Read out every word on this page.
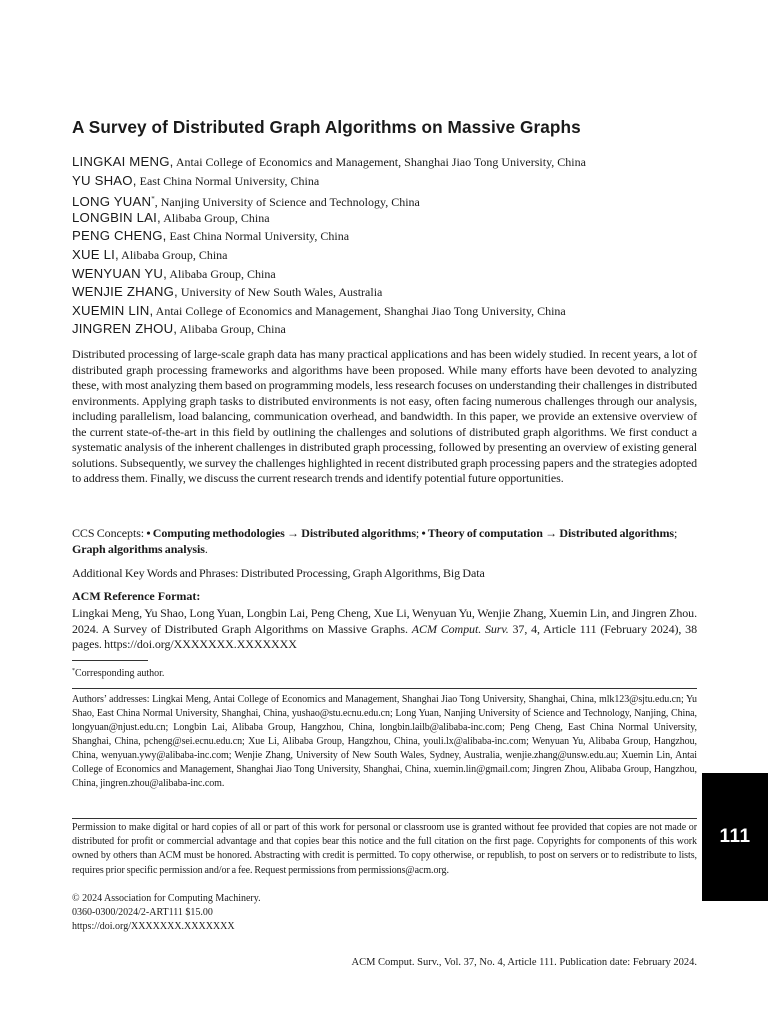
A Survey of Distributed Graph Algorithms on Massive Graphs
LINGKAI MENG, Antai College of Economics and Management, Shanghai Jiao Tong University, China
YU SHAO, East China Normal University, China
LONG YUAN*, Nanjing University of Science and Technology, China
LONGBIN LAI, Alibaba Group, China
PENG CHENG, East China Normal University, China
XUE LI, Alibaba Group, China
WENYUAN YU, Alibaba Group, China
WENJIE ZHANG, University of New South Wales, Australia
XUEMIN LIN, Antai College of Economics and Management, Shanghai Jiao Tong University, China
JINGREN ZHOU, Alibaba Group, China
Distributed processing of large-scale graph data has many practical applications and has been widely studied. In recent years, a lot of distributed graph processing frameworks and algorithms have been proposed. While many efforts have been devoted to analyzing these, with most analyzing them based on programming models, less research focuses on understanding their challenges in distributed environments. Applying graph tasks to distributed environments is not easy, often facing numerous challenges through our analysis, including parallelism, load balancing, communication overhead, and bandwidth. In this paper, we provide an extensive overview of the current state-of-the-art in this field by outlining the challenges and solutions of distributed graph algorithms. We first conduct a systematic analysis of the inherent challenges in distributed graph processing, followed by presenting an overview of existing general solutions. Subsequently, we survey the challenges highlighted in recent distributed graph processing papers and the strategies adopted to address them. Finally, we discuss the current research trends and identify potential future opportunities.
CCS Concepts: • Computing methodologies → Distributed algorithms; • Theory of computation → Distributed algorithms; Graph algorithms analysis.
Additional Key Words and Phrases: Distributed Processing, Graph Algorithms, Big Data
ACM Reference Format:
Lingkai Meng, Yu Shao, Long Yuan, Longbin Lai, Peng Cheng, Xue Li, Wenyuan Yu, Wenjie Zhang, Xuemin Lin, and Jingren Zhou. 2024. A Survey of Distributed Graph Algorithms on Massive Graphs. ACM Comput. Surv. 37, 4, Article 111 (February 2024), 38 pages. https://doi.org/XXXXXXX.XXXXXXX
*Corresponding author.
Authors’ addresses: Lingkai Meng, Antai College of Economics and Management, Shanghai Jiao Tong University, Shanghai, China, mlk123@sjtu.edu.cn; Yu Shao, East China Normal University, Shanghai, China, yushao@stu.ecnu.edu.cn; Long Yuan, Nanjing University of Science and Technology, Nanjing, China, longyuan@njust.edu.cn; Longbin Lai, Alibaba Group, Hangzhou, China, longbin.lailb@alibaba-inc.com; Peng Cheng, East China Normal University, Shanghai, China, pcheng@sei.ecnu.edu.cn; Xue Li, Alibaba Group, Hangzhou, China, youli.lx@alibaba-inc.com; Wenyuan Yu, Alibaba Group, Hangzhou, China, wenyuan.ywy@alibaba-inc.com; Wenjie Zhang, University of New South Wales, Sydney, Australia, wenjie.zhang@unsw.edu.au; Xuemin Lin, Antai College of Economics and Management, Shanghai Jiao Tong University, Shanghai, China, xuemin.lin@gmail.com; Jingren Zhou, Alibaba Group, Hangzhou, China, jingren.zhou@alibaba-inc.com.
Permission to make digital or hard copies of all or part of this work for personal or classroom use is granted without fee provided that copies are not made or distributed for profit or commercial advantage and that copies bear this notice and the full citation on the first page. Copyrights for components of this work owned by others than ACM must be honored. Abstracting with credit is permitted. To copy otherwise, or republish, to post on servers or to redistribute to lists, requires prior specific permission and/or a fee. Request permissions from permissions@acm.org.
© 2024 Association for Computing Machinery.
0360-0300/2024/2-ART111 $15.00
https://doi.org/XXXXXXX.XXXXXXX
ACM Comput. Surv., Vol. 37, No. 4, Article 111. Publication date: February 2024.
111
